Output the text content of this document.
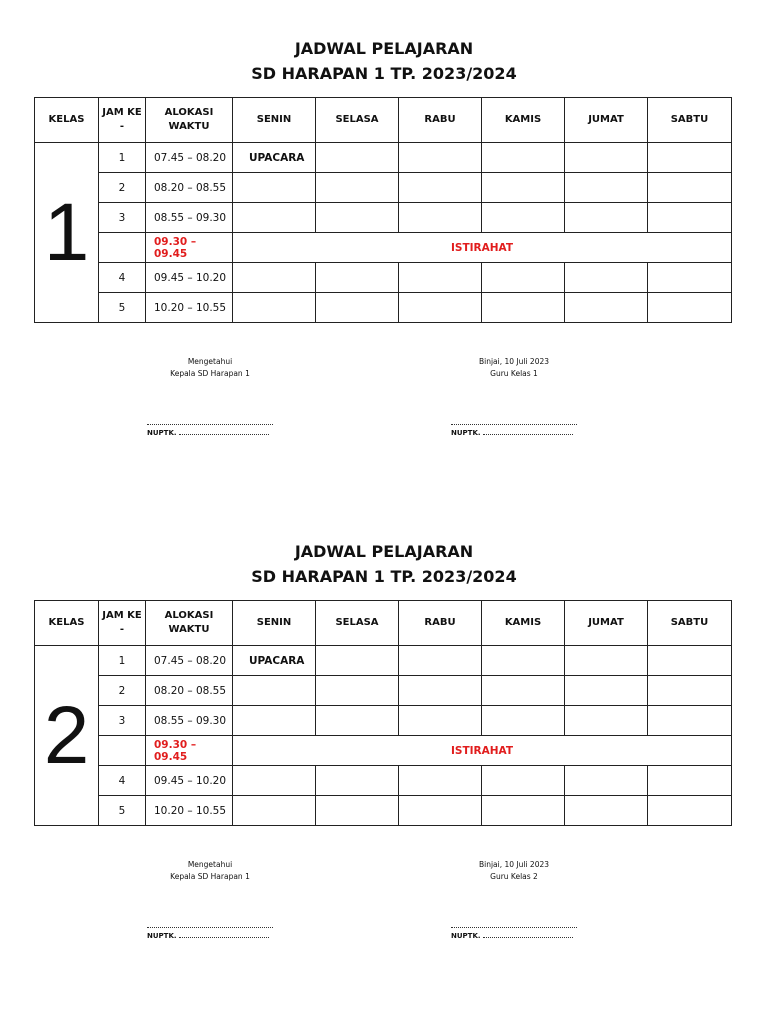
JADWAL PELAJARAN
SD HARAPAN 1 TP. 2023/2024
KELAS	JAM KE -	ALOKASI WAKTU	SENIN	SELASA	RABU	KAMIS	JUMAT	SABTU
1	1	07.45 – 08.20	UPACARA					
	2	08.20 – 08.55						
	3	08.55 – 09.30						
		09.30 – 09.45	ISTIRAHAT					
	4	09.45 – 10.20						
	5	10.20 – 10.55						
Mengetahui
Kepala SD Harapan 1
NUPTK.
Binjai, 10 Juli 2023
Guru Kelas 1
NUPTK.
JADWAL PELAJARAN
SD HARAPAN 1 TP. 2023/2024
KELAS	JAM KE -	ALOKASI WAKTU	SENIN	SELASA	RABU	KAMIS	JUMAT	SABTU
2	1	07.45 – 08.20	UPACARA					
	2	08.20 – 08.55						
	3	08.55 – 09.30						
		09.30 – 09.45	ISTIRAHAT					
	4	09.45 – 10.20						
	5	10.20 – 10.55						
Mengetahui
Kepala SD Harapan 1
NUPTK.
Binjai, 10 Juli 2023
Guru Kelas 2
NUPTK.
